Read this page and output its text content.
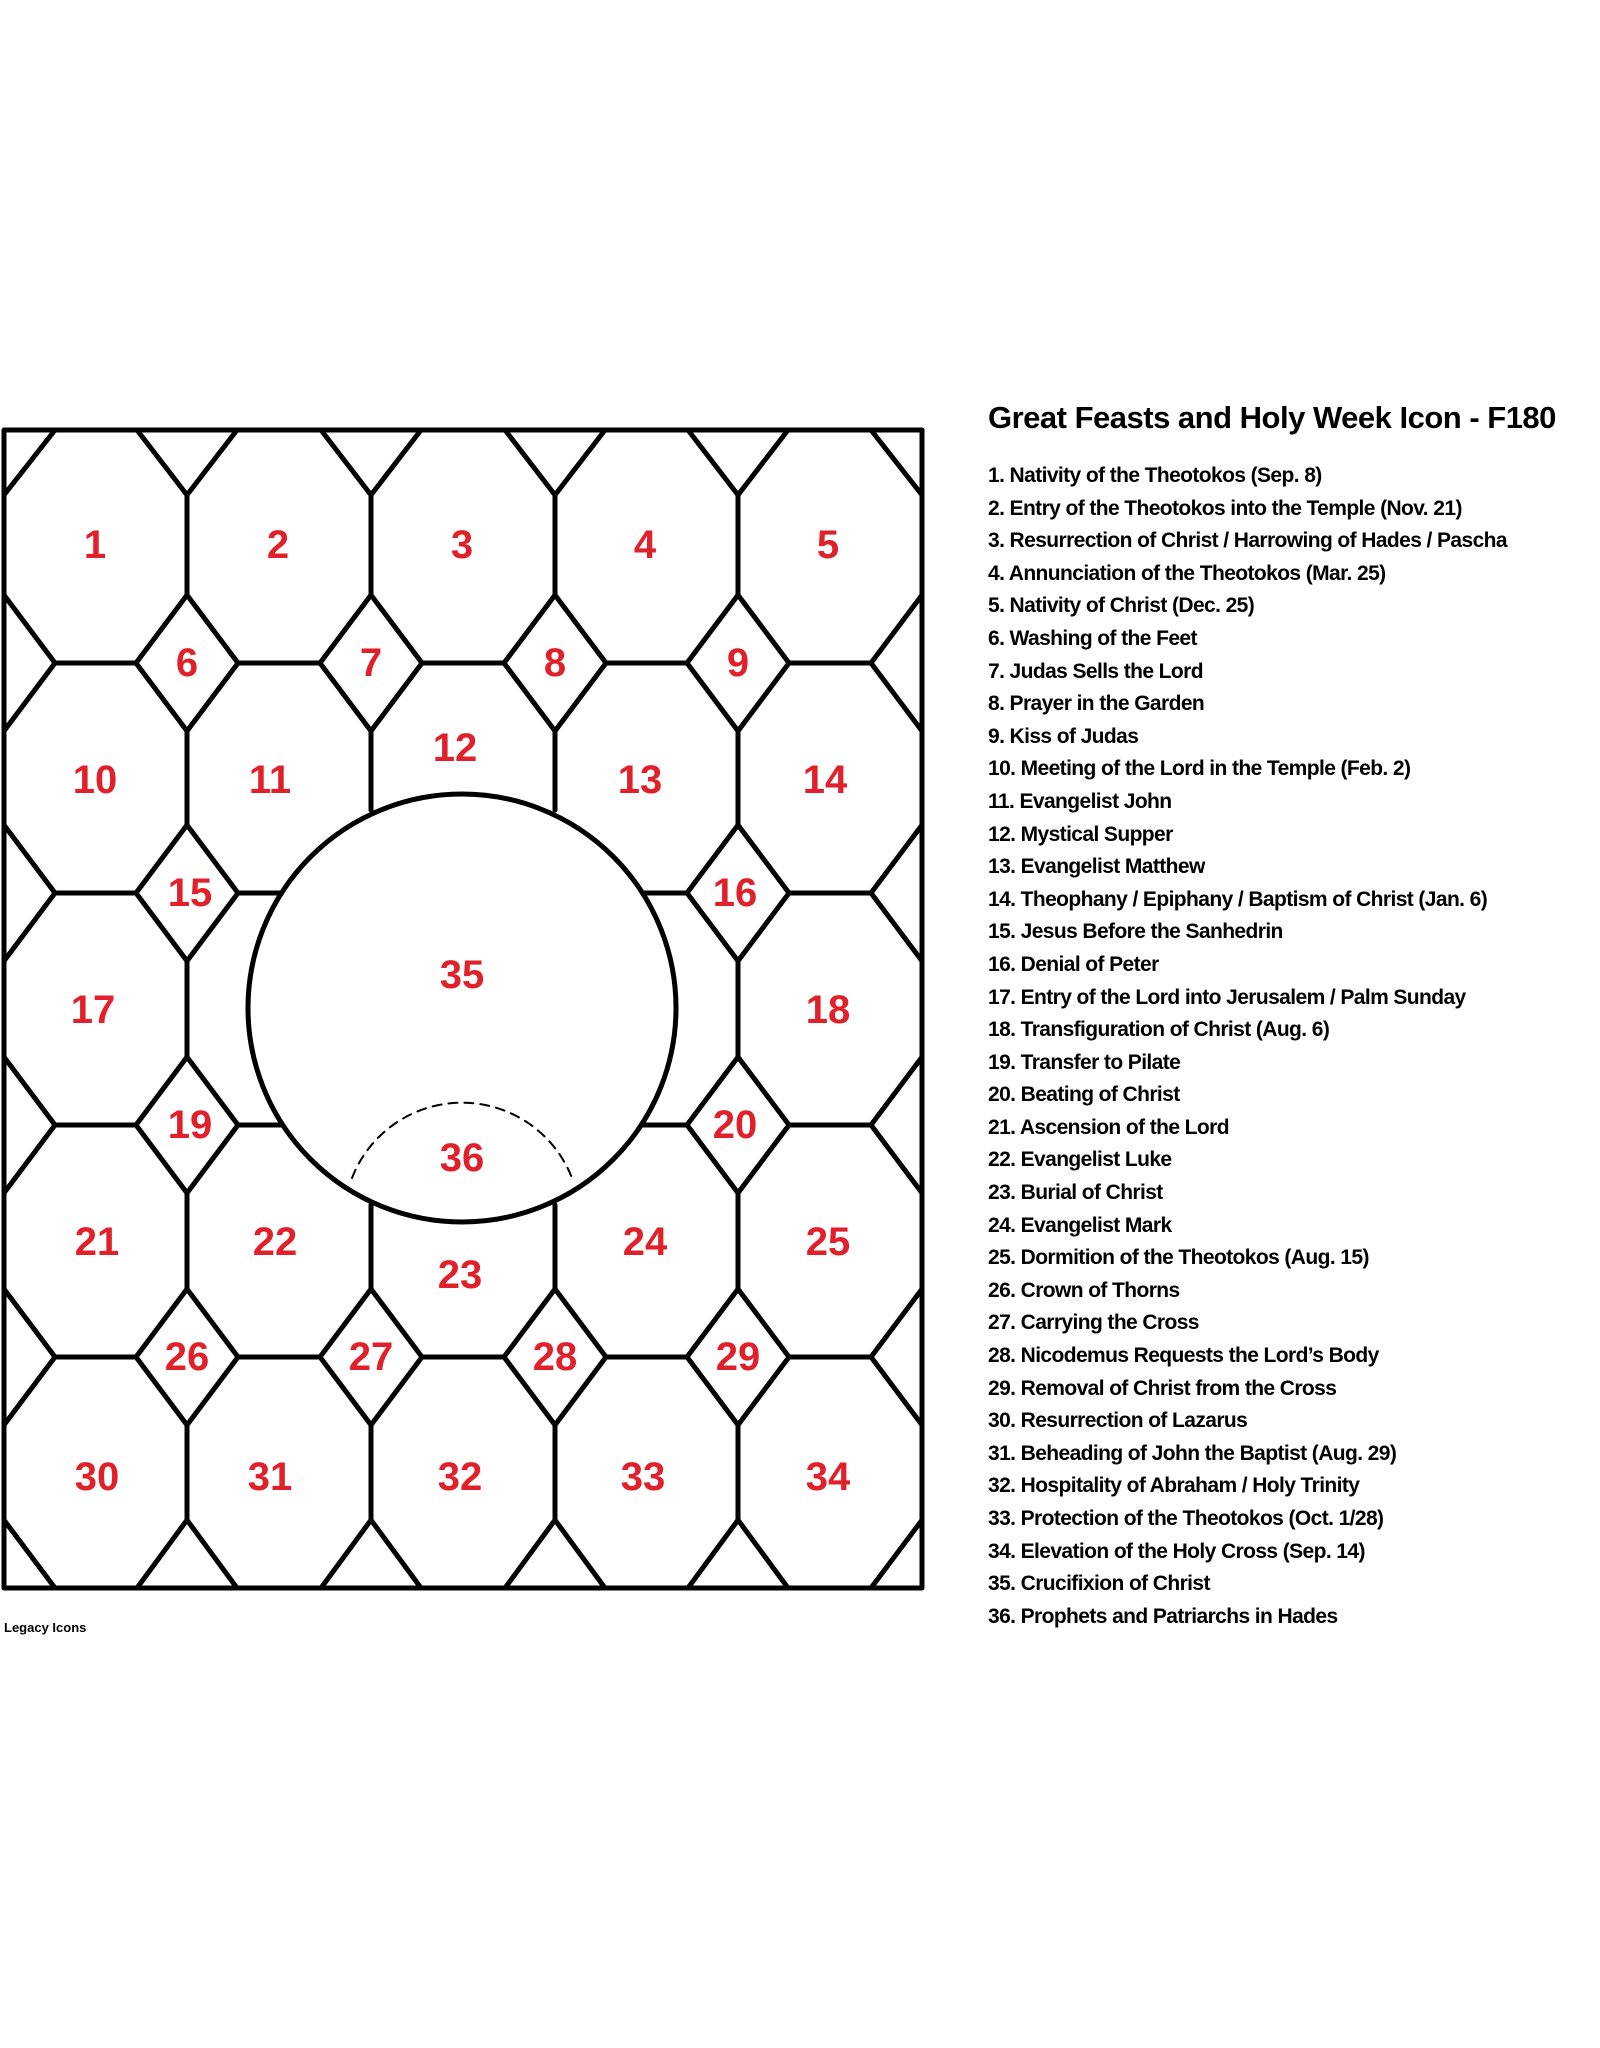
1	2	3	4	5
6	7	8	9
10	11
12
13	14
15	16
17	18
19	20
21	22
23
24	25
26	27	28	29
30	31	32	33	34
35
36
Great Feasts and Holy Week Icon - F180
1. Nativity of the Theotokos (Sep. 8)
2. Entry of the Theotokos into the Temple (Nov. 21)
3. Resurrection of Christ / Harrowing of Hades / Pascha
4. Annunciation of the Theotokos (Mar. 25)
5. Nativity of Christ (Dec. 25)
6. Washing of the Feet
7. Judas Sells the Lord
8. Prayer in the Garden
9. Kiss of Judas
10. Meeting of the Lord in the Temple (Feb. 2)
11. Evangelist John
12. Mystical Supper
13. Evangelist Matthew
14. Theophany / Epiphany / Baptism of Christ (Jan. 6)
15. Jesus Before the Sanhedrin
16. Denial of Peter
17. Entry of the Lord into Jerusalem / Palm Sunday
18. Transfiguration of Christ (Aug. 6)
19. Transfer to Pilate
20. Beating of Christ
21. Ascension of the Lord
22. Evangelist Luke
23. Burial of Christ
24. Evangelist Mark
25. Dormition of the Theotokos (Aug. 15)
26. Crown of Thorns
27. Carrying the Cross
28. Nicodemus Requests the Lord’s Body
29. Removal of Christ from the Cross
30. Resurrection of Lazarus
31. Beheading of John the Baptist (Aug. 29)
32. Hospitality of Abraham / Holy Trinity
33. Protection of the Theotokos (Oct. 1/28)
34. Elevation of the Holy Cross (Sep. 14)
35. Crucifixion of Christ
36. Prophets and Patriarchs in Hades
Legacy Icons
